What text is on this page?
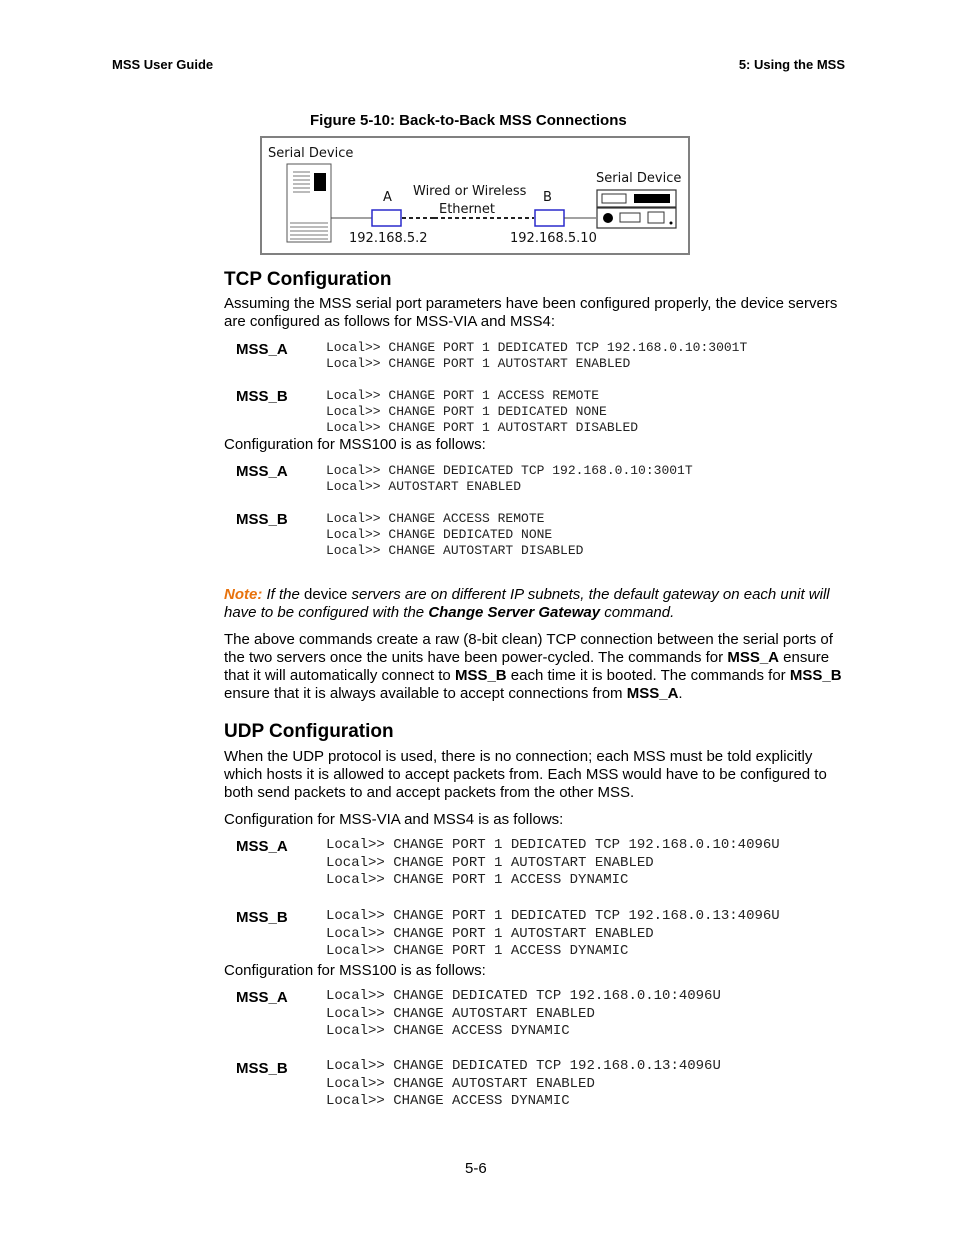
MSS User Guide	5: Using the MSS
Figure 5-10: Back-to-Back MSS Connections
Serial Device
A	B
Wired or Wireless
Ethernet
192.168.5.2	192.168.5.10
Serial Device
TCP Configuration
Assuming the MSS serial port parameters have been configured properly, the device servers are configured as follows for MSS-VIA and MSS4:
MSS_A	Local>> CHANGE PORT 1 DEDICATED TCP 192.168.0.10:3001T
Local>> CHANGE PORT 1 AUTOSTART ENABLED
MSS_B	Local>> CHANGE PORT 1 ACCESS REMOTE
Local>> CHANGE PORT 1 DEDICATED NONE
Local>> CHANGE PORT 1 AUTOSTART DISABLED
Configuration for MSS100 is as follows:
MSS_A	Local>> CHANGE DEDICATED TCP 192.168.0.10:3001T
Local>> AUTOSTART ENABLED
MSS_B	Local>> CHANGE ACCESS REMOTE
Local>> CHANGE DEDICATED NONE
Local>> CHANGE AUTOSTART DISABLED
Note: If the device servers are on different IP subnets, the default gateway on each unit will have to be configured with the Change Server Gateway command.
The above commands create a raw (8-bit clean) TCP connection between the serial ports of the two servers once the units have been power-cycled. The commands for MSS_A ensure that it will automatically connect to MSS_B each time it is booted. The commands for MSS_B ensure that it is always available to accept connections from MSS_A.
UDP Configuration
When the UDP protocol is used, there is no connection; each MSS must be told explicitly which hosts it is allowed to accept packets from. Each MSS would have to be configured to both send packets to and accept packets from the other MSS.
Configuration for MSS-VIA and MSS4 is as follows:
MSS_A	Local>> CHANGE PORT 1 DEDICATED TCP 192.168.0.10:4096U
Local>> CHANGE PORT 1 AUTOSTART ENABLED
Local>> CHANGE PORT 1 ACCESS DYNAMIC
MSS_B	Local>> CHANGE PORT 1 DEDICATED TCP 192.168.0.13:4096U
Local>> CHANGE PORT 1 AUTOSTART ENABLED
Local>> CHANGE PORT 1 ACCESS DYNAMIC
Configuration for MSS100 is as follows:
MSS_A	Local>> CHANGE DEDICATED TCP 192.168.0.10:4096U
Local>> CHANGE AUTOSTART ENABLED
Local>> CHANGE ACCESS DYNAMIC
MSS_B	Local>> CHANGE DEDICATED TCP 192.168.0.13:4096U
Local>> CHANGE AUTOSTART ENABLED
Local>> CHANGE ACCESS DYNAMIC
5-6
